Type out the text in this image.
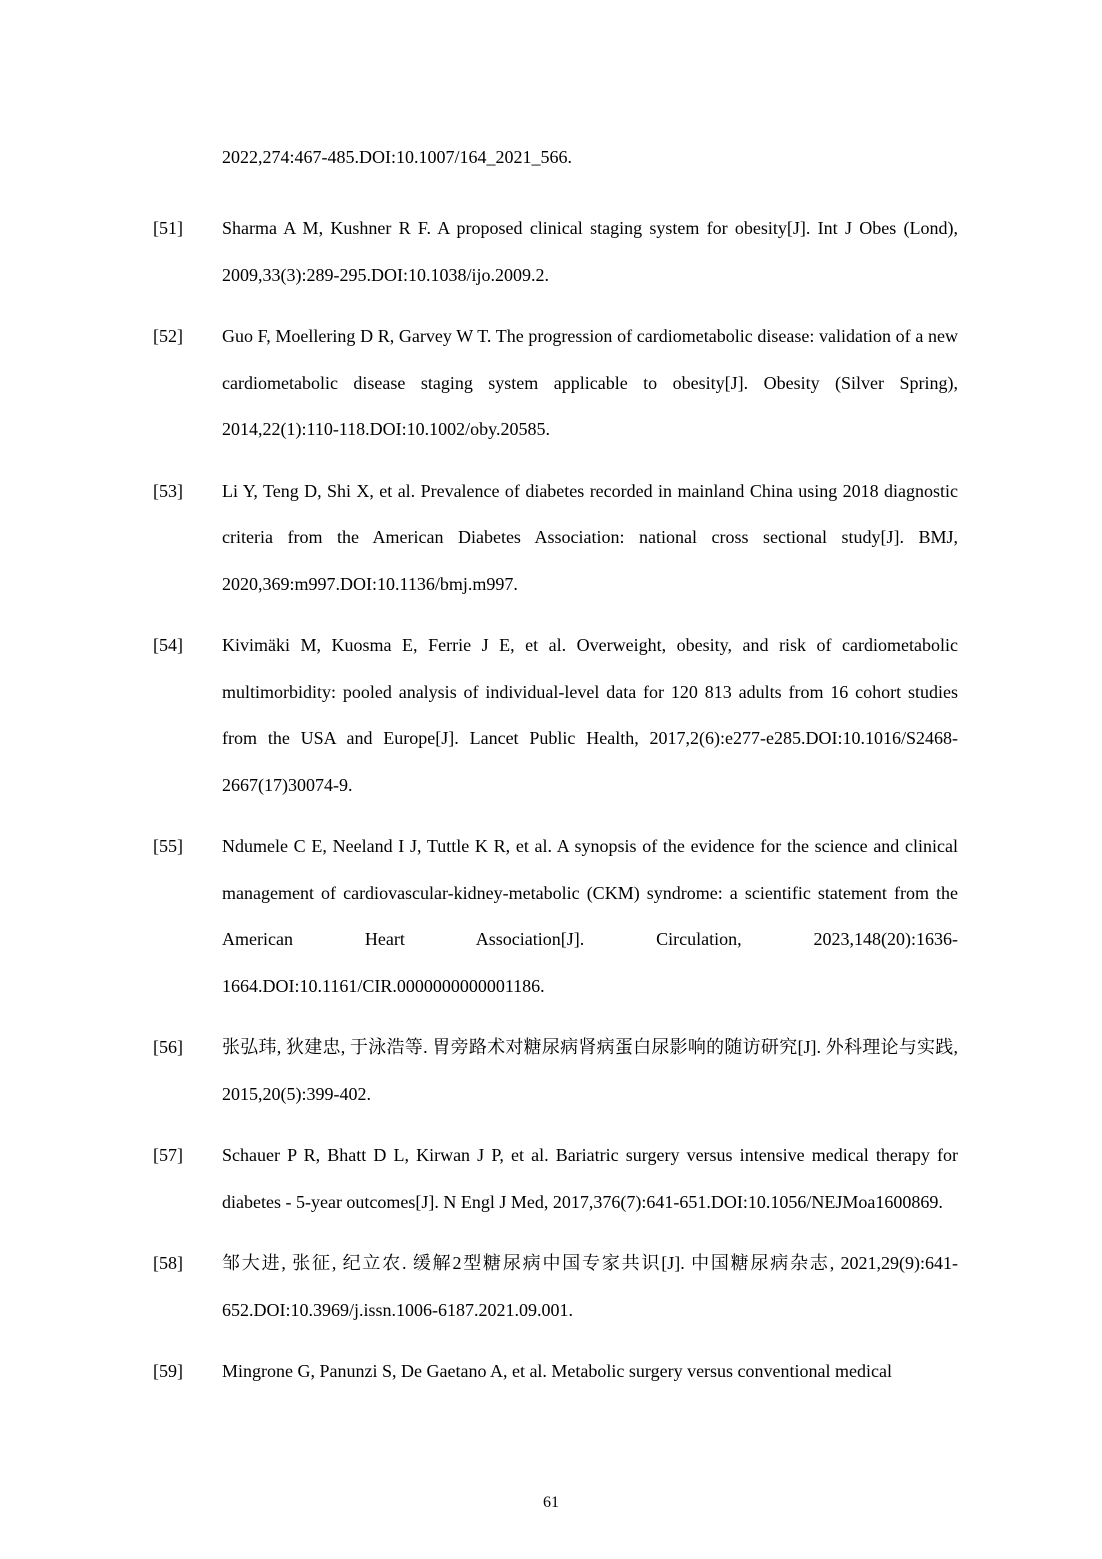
2022,274:467-485.DOI:10.1007/164_2021_566.
[51]	Sharma A M, Kushner R F. A proposed clinical staging system for obesity[J]. Int J Obes (Lond), 2009,33(3):289-295.DOI:10.1038/ijo.2009.2.
[52]	Guo F, Moellering D R, Garvey W T. The progression of cardiometabolic disease: validation of a new cardiometabolic disease staging system applicable to obesity[J]. Obesity (Silver Spring), 2014,22(1):110-118.DOI:10.1002/oby.20585.
[53]	Li Y, Teng D, Shi X, et al. Prevalence of diabetes recorded in mainland China using 2018 diagnostic criteria from the American Diabetes Association: national cross sectional study[J]. BMJ, 2020,369:m997.DOI:10.1136/bmj.m997.
[54]	Kivimäki M, Kuosma E, Ferrie J E, et al. Overweight, obesity, and risk of cardiometabolic multimorbidity: pooled analysis of individual-level data for 120 813 adults from 16 cohort studies from the USA and Europe[J]. Lancet Public Health, 2017,2(6):e277-e285.DOI:10.1016/S2468-2667(17)30074-9.
[55]	Ndumele C E, Neeland I J, Tuttle K R, et al. A synopsis of the evidence for the science and clinical management of cardiovascular-kidney-metabolic (CKM) syndrome: a scientific statement from the American Heart Association[J]. Circulation, 2023,148(20):1636-1664.DOI:10.1161/CIR.0000000000001186.
[56]	张弘玮, 狄建忠, 于泳浩等. 胃旁路术对糖尿病肾病蛋白尿影响的随访研究[J]. 外科理论与实践, 2015,20(5):399-402.
[57]	Schauer P R, Bhatt D L, Kirwan J P, et al. Bariatric surgery versus intensive medical therapy for diabetes - 5-year outcomes[J]. N Engl J Med, 2017,376(7):641-651.DOI:10.1056/NEJMoa1600869.
[58]	邹大进, 张征, 纪立农. 缓解2型糖尿病中国专家共识[J]. 中国糖尿病杂志, 2021,29(9):641-652.DOI:10.3969/j.issn.1006-6187.2021.09.001.
[59]	Mingrone G, Panunzi S, De Gaetano A, et al. Metabolic surgery versus conventional medical
61
